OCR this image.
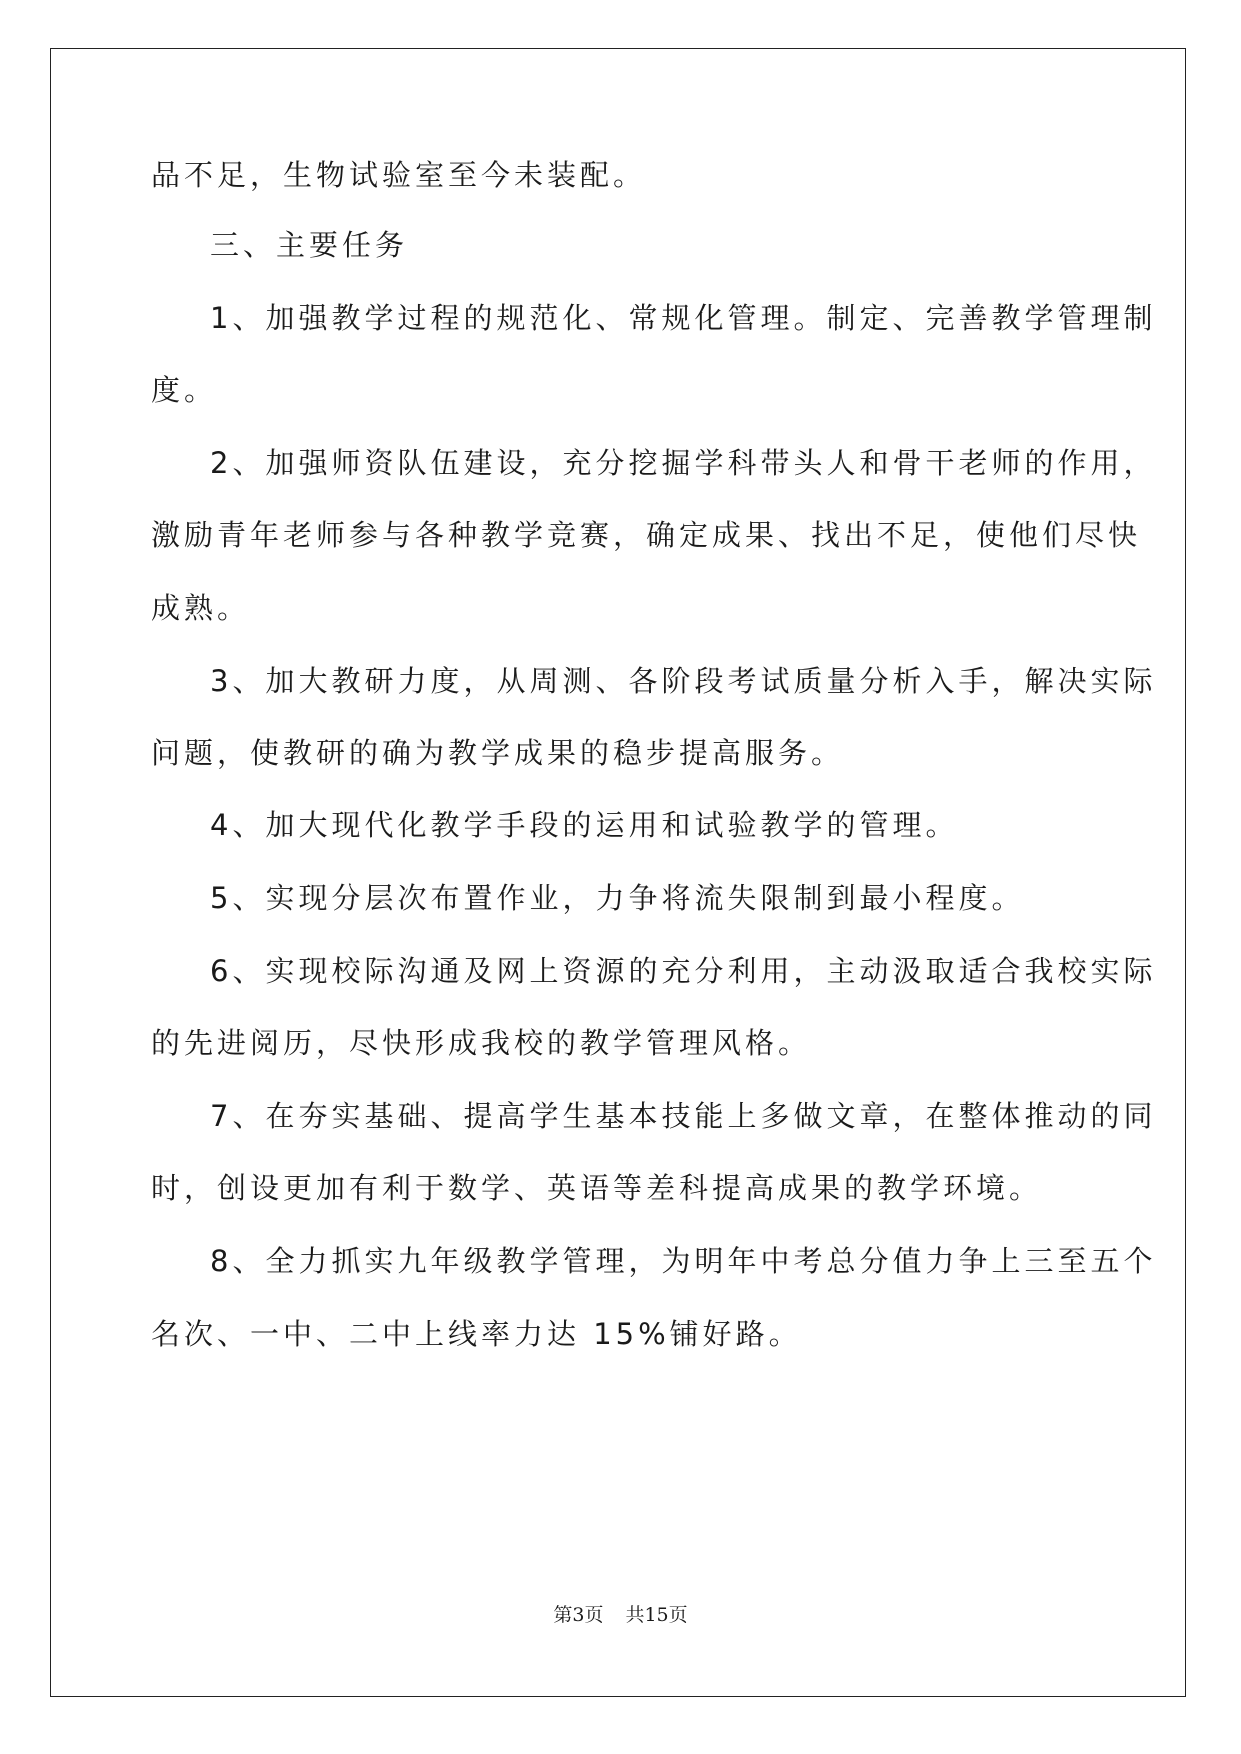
品不足，生物试验室至今未装配。
三、主要任务
1、加强教学过程的规范化、常规化管理。制定、完善教学管理制
度。
2、加强师资队伍建设，充分挖掘学科带头人和骨干老师的作用，
激励青年老师参与各种教学竞赛，确定成果、找出不足，使他们尽快
成熟。
3、加大教研力度，从周测、各阶段考试质量分析入手，解决实际
问题，使教研的确为教学成果的稳步提高服务。
4、加大现代化教学手段的运用和试验教学的管理。
5、实现分层次布置作业，力争将流失限制到最小程度。
6、实现校际沟通及网上资源的充分利用，主动汲取适合我校实际
的先进阅历，尽快形成我校的教学管理风格。
7、在夯实基础、提高学生基本技能上多做文章，在整体推动的同
时，创设更加有利于数学、英语等差科提高成果的教学环境。
8、全力抓实九年级教学管理，为明年中考总分值力争上三至五个
名次、一中、二中上线率力达 15%铺好路。
第3页 共15页
